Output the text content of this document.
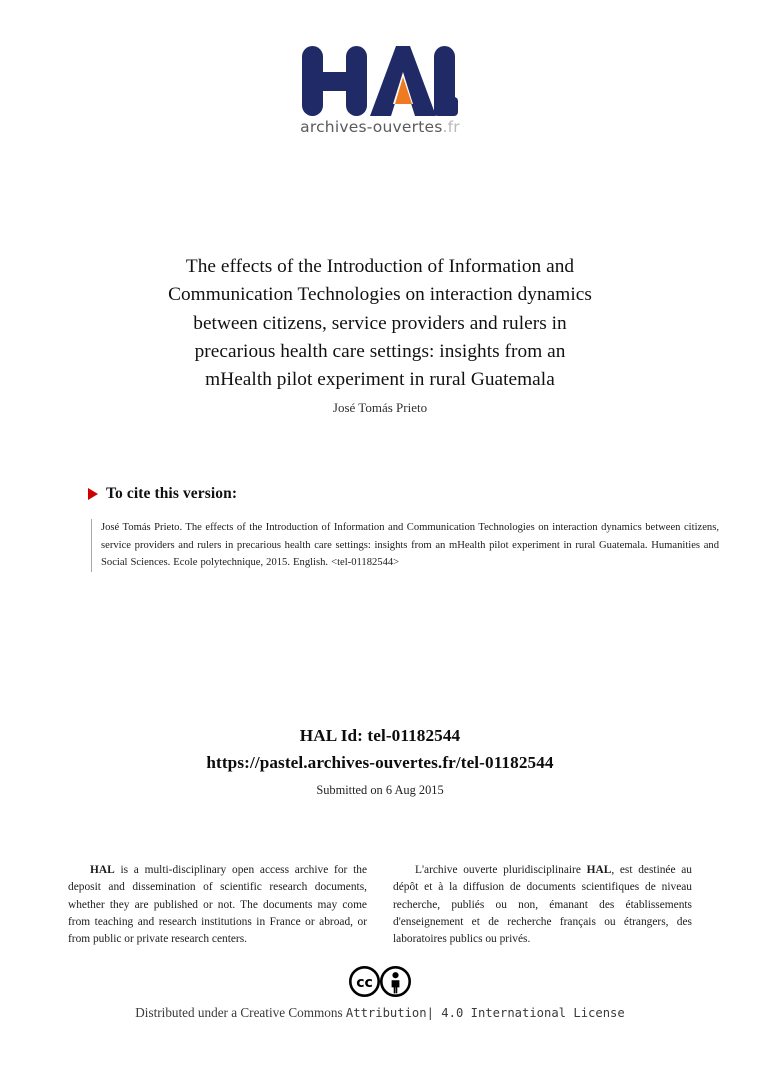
archives-ouvertes.fr
The effects of the Introduction of Information and
Communication Technologies on interaction dynamics
between citizens, service providers and rulers in
precarious health care settings: insights from an
mHealth pilot experiment in rural Guatemala
José Tomás Prieto
To cite this version:
José Tomás Prieto. The effects of the Introduction of Information and Communication Technologies on interaction dynamics between citizens, service providers and rulers in precarious health care settings: insights from an mHealth pilot experiment in rural Guatemala. Humanities and Social Sciences. Ecole polytechnique, 2015. English. <tel-01182544>
HAL Id: tel-01182544
https://pastel.archives-ouvertes.fr/tel-01182544
Submitted on 6 Aug 2015
HAL is a multi-disciplinary open access archive for the deposit and dissemination of scientific research documents, whether they are published or not. The documents may come from teaching and research institutions in France or abroad, or from public or private research centers.
L'archive ouverte pluridisciplinaire HAL, est destinée au dépôt et à la diffusion de documents scientifiques de niveau recherche, publiés ou non, émanant des établissements d'enseignement et de recherche français ou étrangers, des laboratoires publics ou privés.
cc
Distributed under a Creative Commons Attribution| 4.0 International License
